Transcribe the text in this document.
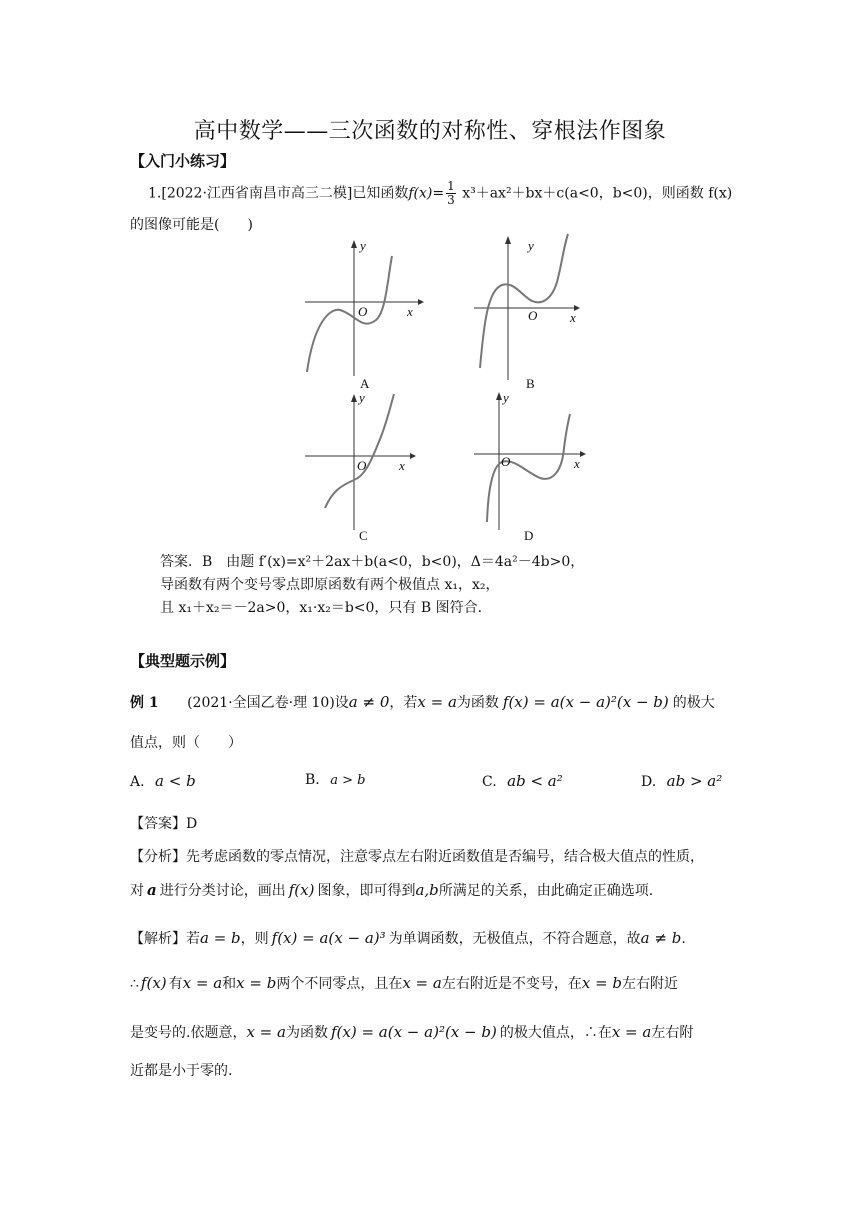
高中数学——三次函数的对称性、穿根法作图象
【入门小练习】
1.[2022·江西省南昌市高三二模]已知函数$f(x)= \frac{1}{3} x^3+ax^2+bx+c(a<0$，b<0)，则函数 f(x)
的图像可能是(　　)
y
x
O
A
y
x
O
B
y
x
O
C
y
x
O
D
答案．B　由题 f′(x)=x²＋2ax＋b(a<0，b<0)，Δ＝4a²－4b>0，
导函数有两个变号零点即原函数有两个极值点 x₁，x₂，
且 x₁＋x₂＝－2a>0，x₁·x₂＝b<0，只有 B 图符合．
【典型题示例】
例 1 (2021·全国乙卷·理 10)设a ≠ 0，若x = a为函数 f(x) = a(x − a)²(x − b) 的极大
值点，则（　　）
A. a < b	B. a > b	C. ab < a²	D. ab > a²
【答案】D
【分析】先考虑函数的零点情况，注意零点左右附近函数值是否编号，结合极大值点的性质，
对 a 进行分类讨论，画出 f(x) 图象，即可得到a,b所满足的关系，由此确定正确选项.
【解析】若a = b，则 f(x) = a(x − a)³ 为单调函数，无极值点，不符合题意，故a ≠ b.
∴ f(x) 有x = a和x = b两个不同零点，且在x = a左右附近是不变号，在x = b左右附近
是变号的.依题意，x = a为函数 f(x) = a(x − a)²(x − b) 的极大值点，∴在x = a左右附
近都是小于零的.
